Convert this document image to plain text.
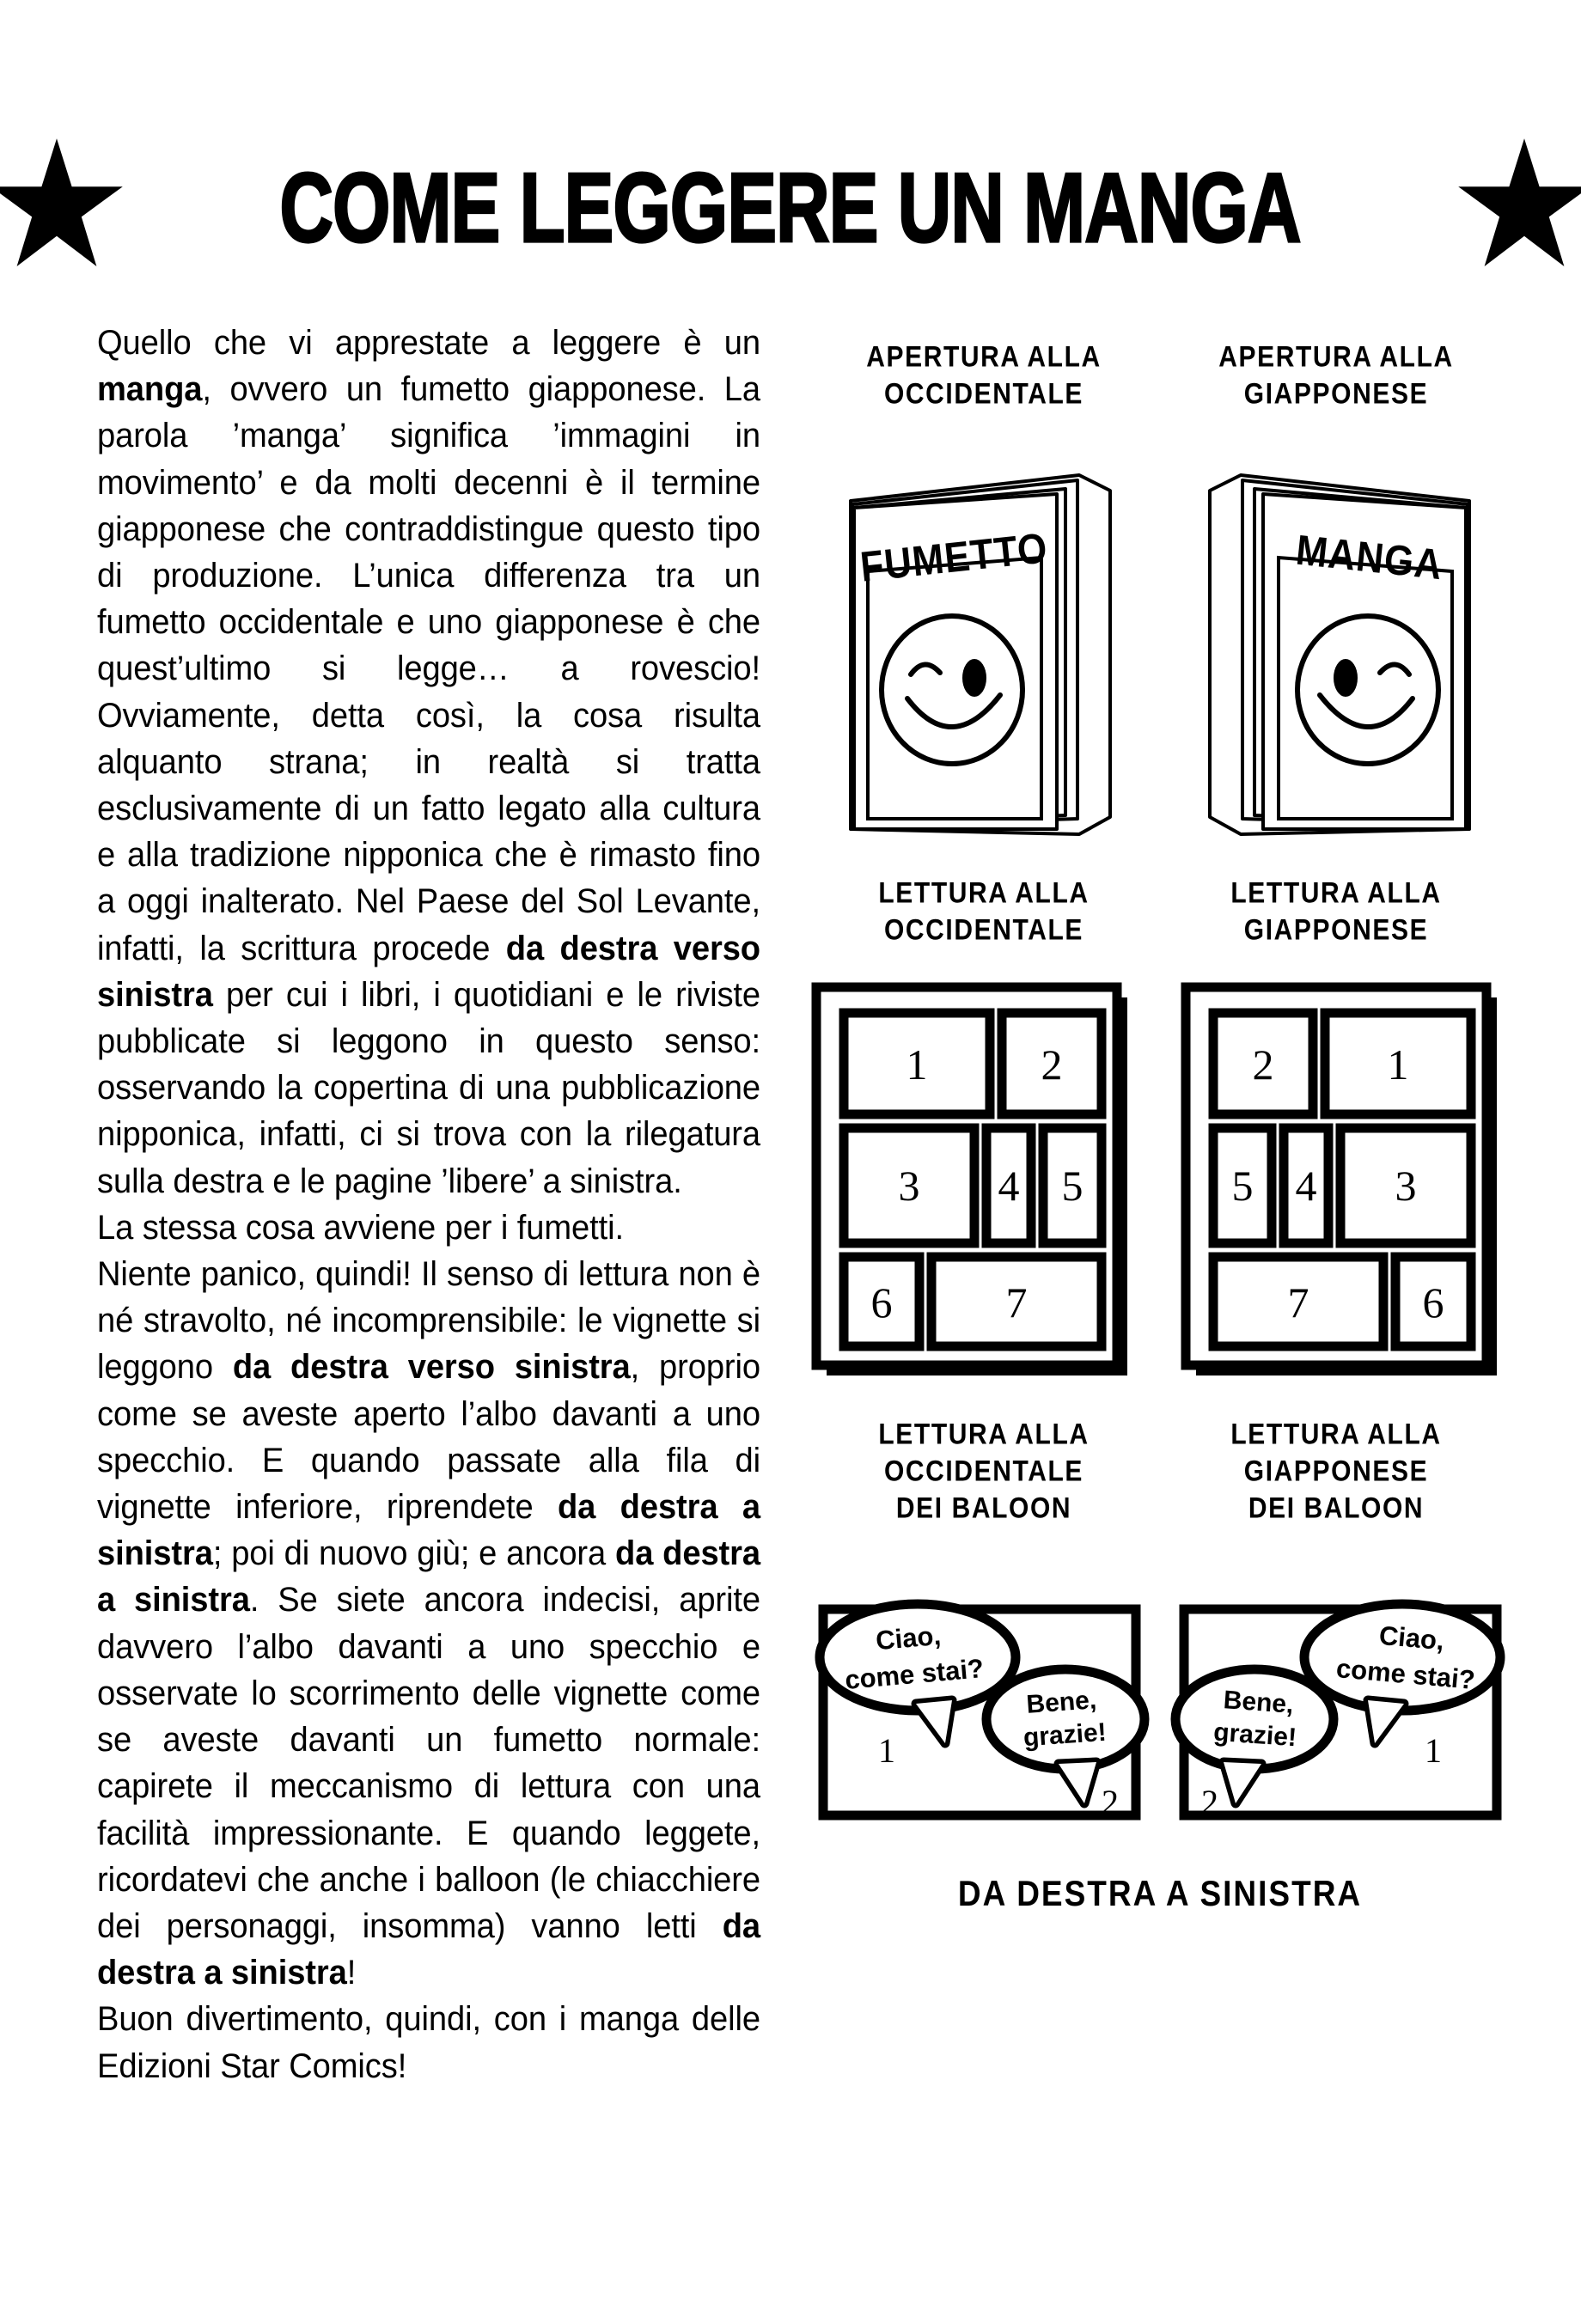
COME LEGGERE UN MANGA

Quello che vi apprestate a leggere è un manga, ovvero un fumetto giapponese. La parola ’manga’ significa ’immagini in movimento’ e da molti decenni è il termine giapponese che contraddistingue questo tipo di produzione. L’unica differenza tra un fumetto occidentale e uno giapponese è che quest’ultimo si legge… a rovescio! Ovviamente, detta così, la cosa risulta alquanto strana; in realtà si tratta esclusivamente di un fatto legato alla cultura e alla tradizione nipponica che è rimasto fino a oggi inalterato. Nel Paese del Sol Levante, infatti, la scrittura procede da destra verso sinistra per cui i libri, i quotidiani e le riviste pubblicate si leggono in questo senso: osservando la copertina di una pubblicazione nipponica, infatti, ci si trova con la rilegatura sulla destra e le pagine ’libere’ a sinistra.

La stessa cosa avviene per i fumetti.

Niente panico, quindi! Il senso di lettura non è né stravolto, né incomprensibile: le vignette si leggono da destra verso sinistra, proprio come se aveste aperto l’albo davanti a uno specchio. E quando passate alla fila di vignette inferiore, riprendete da destra a sinistra; poi di nuovo giù; e ancora da destra a sinistra. Se siete ancora indecisi, aprite davvero l’albo davanti a uno specchio e osservate lo scorrimento delle vignette come se aveste davanti un fumetto normale: capirete il meccanismo di lettura con una facilità impressionante. E quando leggete, ricordatevi che anche i balloon (le chiacchiere dei personaggi, insomma) vanno letti da destra a sinistra!

Buon divertimento, quindi, con i manga delle Edizioni Star Comics!

APERTURA ALLA
OCCIDENTALE
APERTURA ALLA
GIAPPONESE
FUMETTO	MANGA
LETTURA ALLA
OCCIDENTALE
LETTURA ALLA
GIAPPONESE
1	2
3 4 5
6	7
2	1
5 4 3
7	6
LETTURA ALLA
OCCIDENTALE
DEI BALOON
LETTURA ALLA
GIAPPONESE
DEI BALOON
Ciao,
come stai?
1
Bene,
grazie!
2
Ciao,
come stai?
1
Bene,
grazie!
2
DA DESTRA A SINISTRA
